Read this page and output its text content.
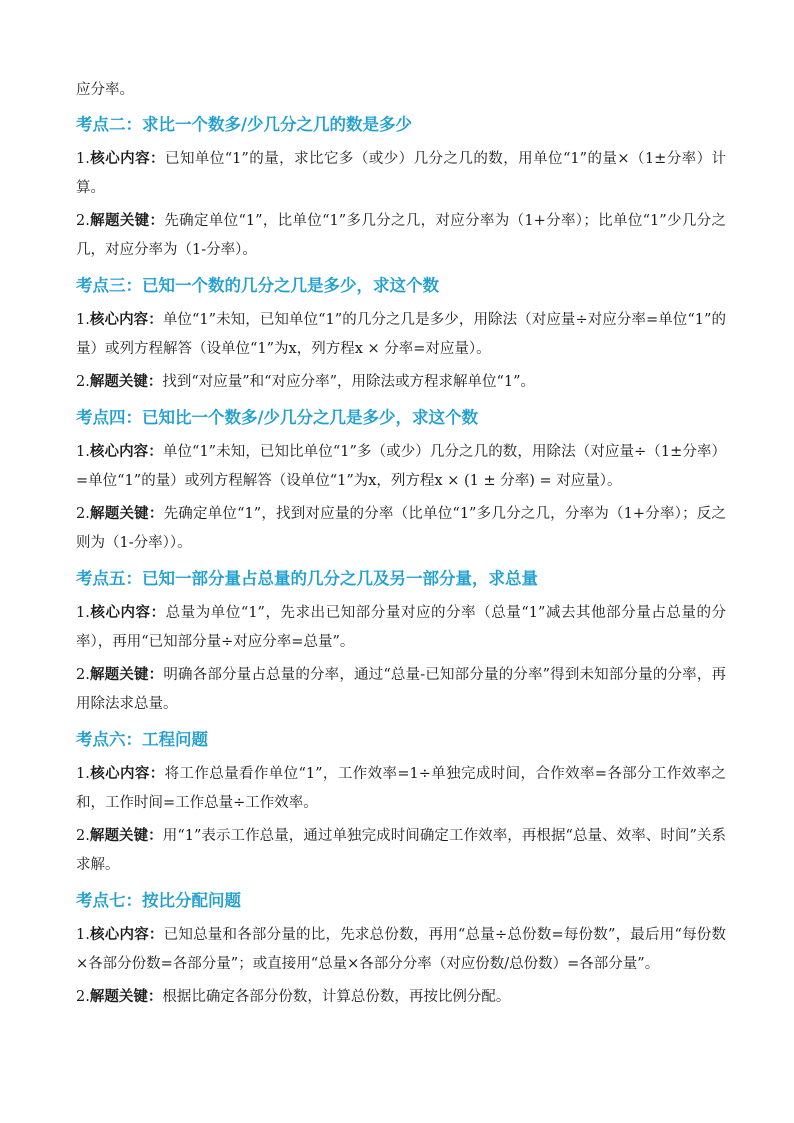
应分率。

考点二：求比一个数多/少几分之几的数是多少

1.核心内容：已知单位“1”的量，求比它多（或少）几分之几的数，用单位“1”的量×（1±分率）计算。

2.解题关键：先确定单位“1”，比单位“1”多几分之几，对应分率为（1+分率）；比单位“1”少几分之几，对应分率为（1-分率）。

考点三：已知一个数的几分之几是多少，求这个数

1.核心内容：单位“1”未知，已知单位“1”的几分之几是多少，用除法（对应量÷对应分率=单位“1”的量）或列方程解答（设单位“1”为x，列方程x × 分率=对应量）。

2.解题关键：找到“对应量”和“对应分率”，用除法或方程求解单位“1”。

考点四：已知比一个数多/少几分之几是多少，求这个数

1.核心内容：单位“1”未知，已知比单位“1”多（或少）几分之几的数，用除法（对应量÷（1±分率）=单位“1”的量）或列方程解答（设单位“1”为x，列方程x × (1 ± 分率) = 对应量）。

2.解题关键：先确定单位“1”，找到对应量的分率（比单位“1”多几分之几，分率为（1+分率）；反之则为（1-分率））。

考点五：已知一部分量占总量的几分之几及另一部分量，求总量

1.核心内容：总量为单位“1”，先求出已知部分量对应的分率（总量“1”减去其他部分量占总量的分率），再用“已知部分量÷对应分率=总量”。

2.解题关键：明确各部分量占总量的分率，通过“总量-已知部分量的分率”得到未知部分量的分率，再用除法求总量。

考点六：工程问题

1.核心内容：将工作总量看作单位“1”，工作效率=1÷单独完成时间，合作效率=各部分工作效率之和，工作时间=工作总量÷工作效率。

2.解题关键：用“1”表示工作总量，通过单独完成时间确定工作效率，再根据“总量、效率、时间”关系求解。

考点七：按比分配问题

1.核心内容：已知总量和各部分量的比，先求总份数，再用“总量÷总份数=每份数”，最后用“每份数×各部分份数=各部分量”；或直接用“总量×各部分分率（对应份数/总份数）=各部分量”。

2.解题关键：根据比确定各部分份数，计算总份数，再按比例分配。
